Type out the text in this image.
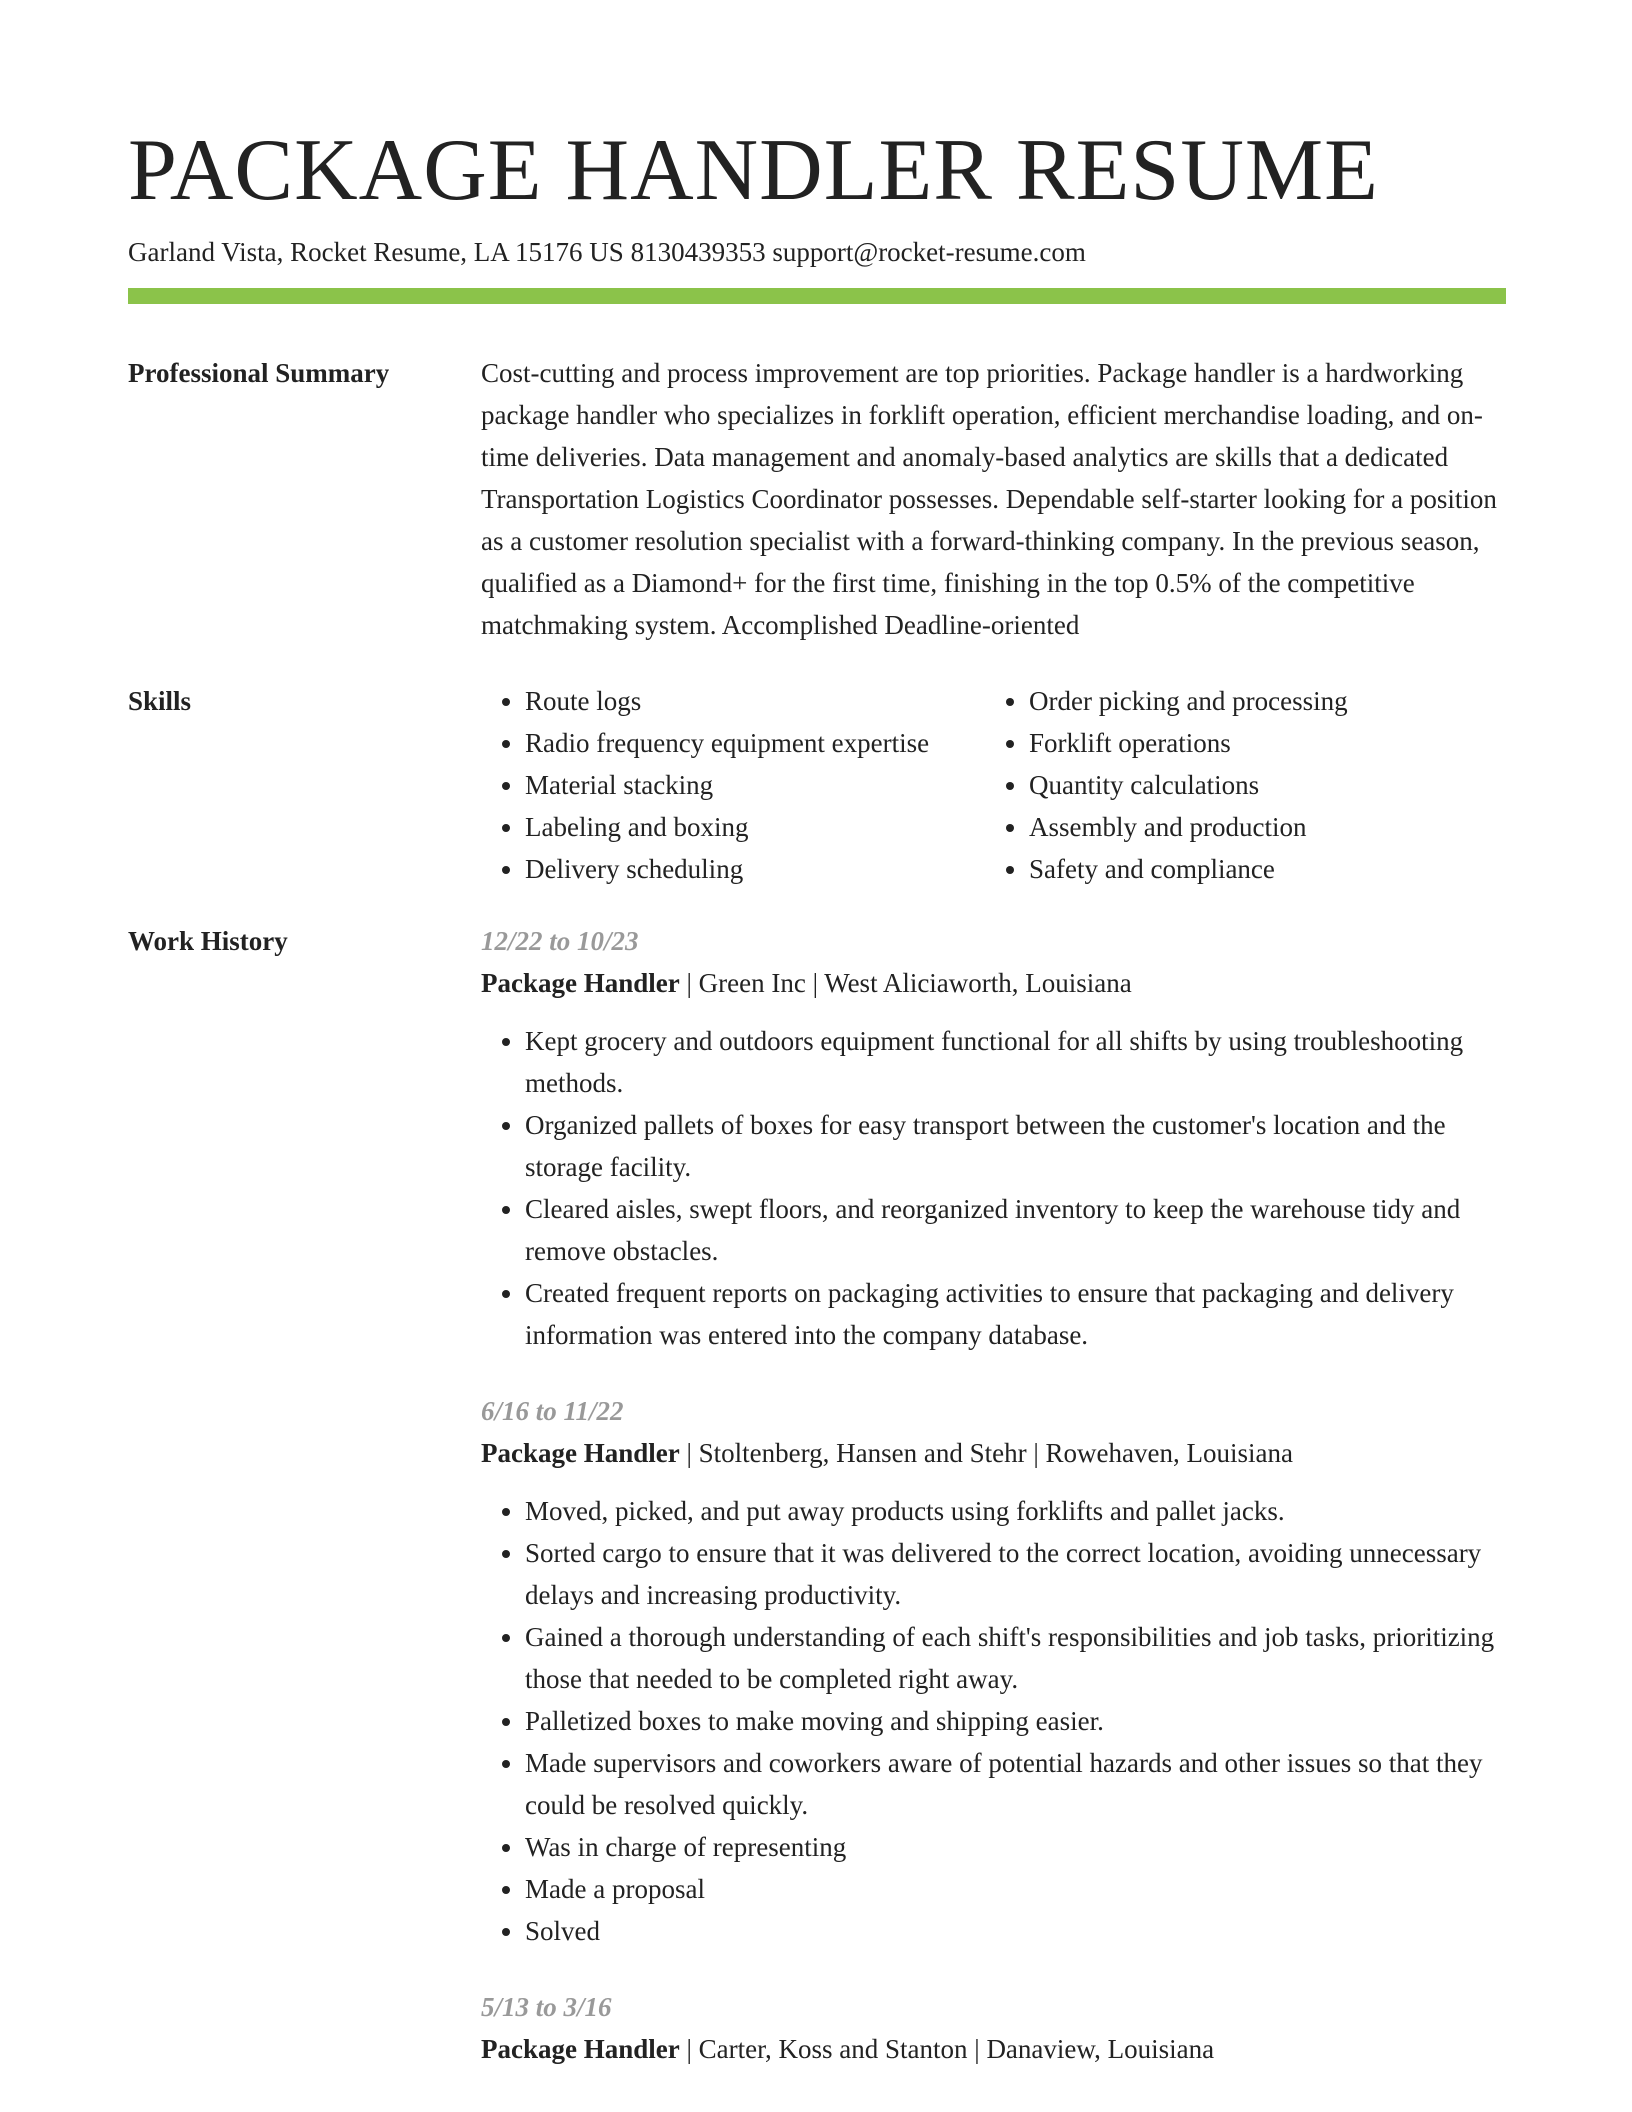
PACKAGE HANDLER RESUME
Garland Vista, Rocket Resume, LA 15176 US 8130439353 support@rocket-resume.com
Professional Summary	Cost-cutting and process improvement are top priorities. Package handler is a hardworking package handler who specializes in forklift operation, efficient merchandise loading, and on-time deliveries. Data management and anomaly-based analytics are skills that a dedicated Transportation Logistics Coordinator possesses. Dependable self-starter looking for a position as a customer resolution specialist with a forward-thinking company. In the previous season, qualified as a Diamond+ for the first time, finishing in the top 0.5% of the competitive matchmaking system. Accomplished Deadline-oriented

Skills
•	Route logs
• Radio frequency equipment expertise
• Material stacking
• Labeling and boxing
• Delivery scheduling
• Order picking and processing
• Forklift operations
• Quantity calculations
• Assembly and production
• Safety and compliance
Work History	12/22 to 10/23
Package Handler | Green Inc | West Aliciaworth, Louisiana
• Kept grocery and outdoors equipment functional for all shifts by using troubleshooting methods.
• Organized pallets of boxes for easy transport between the customer's location and the storage facility.
• Cleared aisles, swept floors, and reorganized inventory to keep the warehouse tidy and remove obstacles.
• Created frequent reports on packaging activities to ensure that packaging and delivery information was entered into the company database.
6/16 to 11/22
Package Handler | Stoltenberg, Hansen and Stehr | Rowehaven, Louisiana
• Moved, picked, and put away products using forklifts and pallet jacks.
• Sorted cargo to ensure that it was delivered to the correct location, avoiding unnecessary delays and increasing productivity.
• Gained a thorough understanding of each shift's responsibilities and job tasks, prioritizing those that needed to be completed right away.
• Palletized boxes to make moving and shipping easier.
• Made supervisors and coworkers aware of potential hazards and other issues so that they could be resolved quickly.
• Was in charge of representing
• Made a proposal
• Solved
5/13 to 3/16
Package Handler | Carter, Koss and Stanton | Danaview, Louisiana
